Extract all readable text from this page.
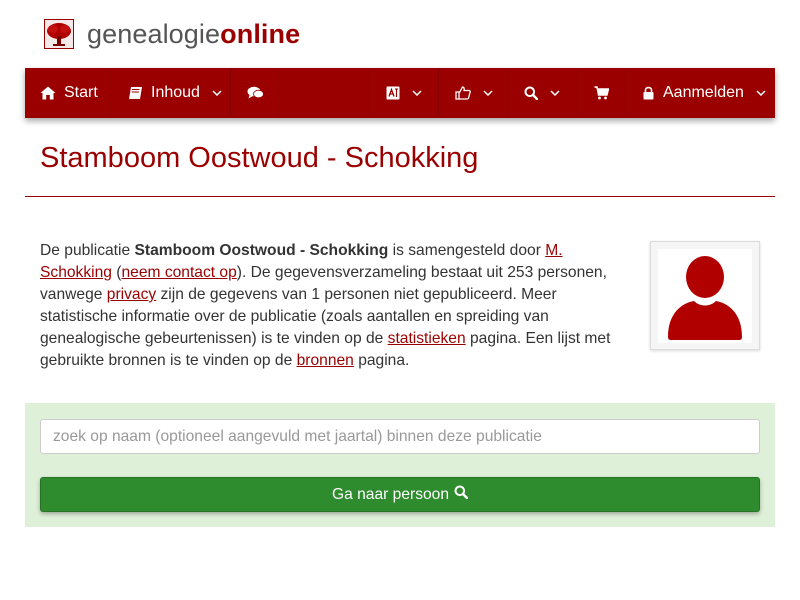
genealogieonline
Start	Inhoud	Aanmelden
Stamboom Oostwoud - Schokking

De publicatie Stamboom Oostwoud - Schokking is samengesteld door M. Schokking (neem contact op). De gegevensverzameling bestaat uit 253 personen, vanwege privacy zijn de gegevens van 1 personen niet gepubliceerd. Meer statistische informatie over de publicatie (zoals aantallen en spreiding van genealogische gebeurtenissen) is te vinden op de statistieken pagina. Een lijst met gebruikte bronnen is te vinden op de bronnen pagina.

zoek op naam (optioneel aangevuld met jaartal) binnen deze publicatie
Ga naar persoon
